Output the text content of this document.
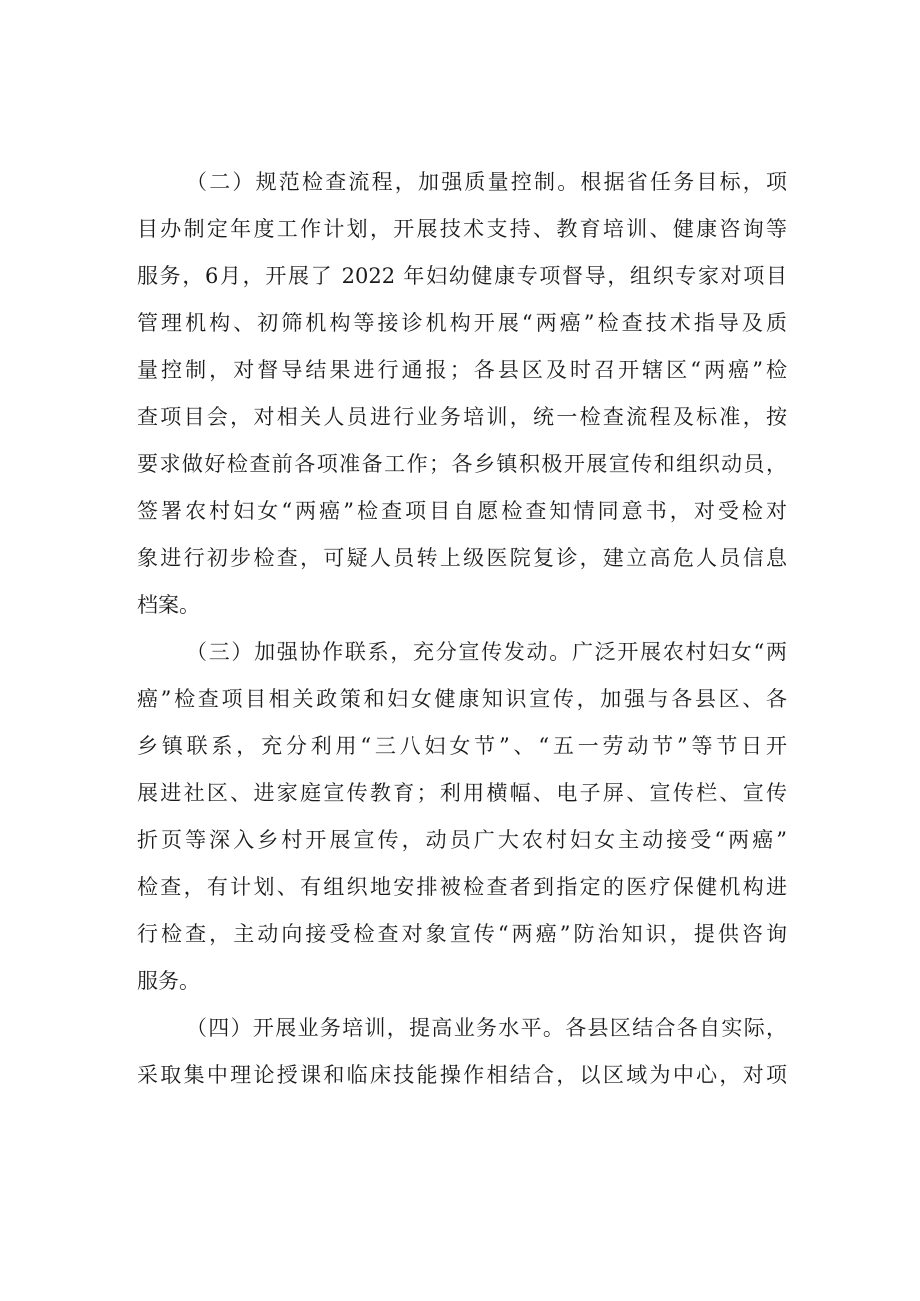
（二）规范检查流程，加强质量控制。根据省任务目标，项

目办制定年度工作计划，开展技术支持、教育培训、健康咨询等

服务，6月，开展了 2022 年妇幼健康专项督导，组织专家对项目

管理机构、初筛机构等接诊机构开展“两癌”检查技术指导及质

量控制，对督导结果进行通报；各县区及时召开辖区“两癌”检

查项目会，对相关人员进行业务培训，统一检查流程及标准，按

要求做好检查前各项准备工作；各乡镇积极开展宣传和组织动员，

签署农村妇女“两癌”检查项目自愿检查知情同意书，对受检对

象进行初步检查，可疑人员转上级医院复诊，建立高危人员信息

档案。

（三）加强协作联系，充分宣传发动。广泛开展农村妇女“两

癌”检查项目相关政策和妇女健康知识宣传，加强与各县区、各

乡镇联系，充分利用“三八妇女节”、“五一劳动节”等节日开

展进社区、进家庭宣传教育；利用横幅、电子屏、宣传栏、宣传

折页等深入乡村开展宣传，动员广大农村妇女主动接受“两癌”

检查，有计划、有组织地安排被检查者到指定的医疗保健机构进

行检查，主动向接受检查对象宣传“两癌”防治知识，提供咨询

服务。

（四）开展业务培训，提高业务水平。各县区结合各自实际，

采取集中理论授课和临床技能操作相结合，以区域为中心，对项
